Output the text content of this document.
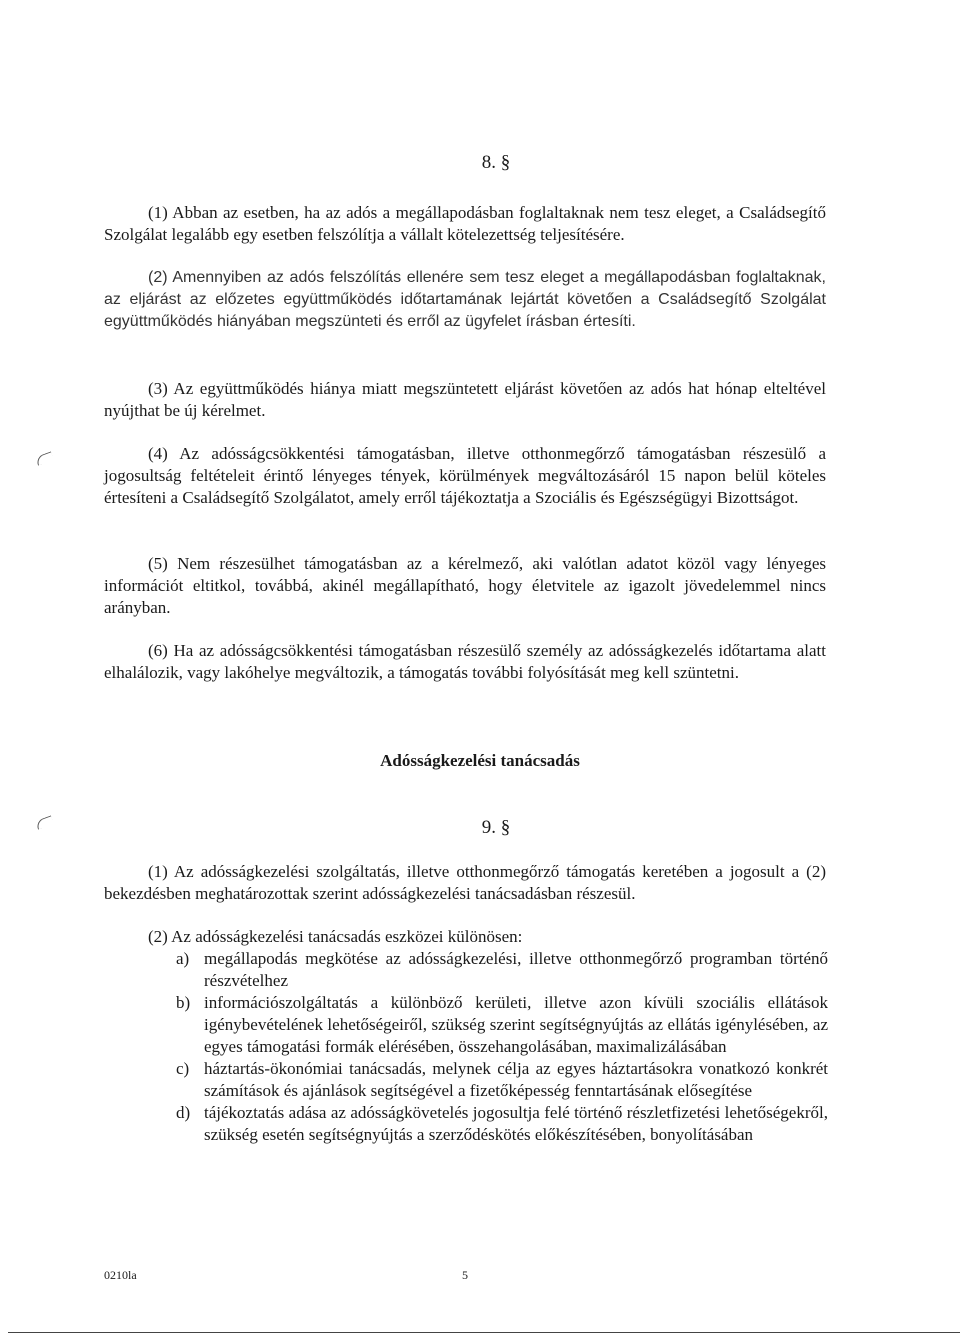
8. §
(1) Abban az esetben, ha az adós a megállapodásban foglaltaknak nem tesz eleget, a Családsegítő Szolgálat legalább egy esetben felszólítja a vállalt kötelezettség teljesítésére.
(2) Amennyiben az adós felszólítás ellenére sem tesz eleget a megállapodásban foglaltaknak, az eljárást az előzetes együttműködés időtartamának lejártát követően a Családsegítő Szolgálat együttműködés hiányában megszünteti és erről az ügyfelet írásban értesíti.
(3) Az együttműködés hiánya miatt megszüntetett eljárást követően az adós hat hónap elteltével nyújthat be új kérelmet.
(4) Az adósságcsökkentési támogatásban, illetve otthonmegőrző támogatásban részesülő a jogosultság feltételeit érintő lényeges tények, körülmények megváltozásáról 15 napon belül köteles értesíteni a Családsegítő Szolgálatot, amely erről tájékoztatja a Szociális és Egészségügyi Bizottságot.
(5) Nem részesülhet támogatásban az a kérelmező, aki valótlan adatot közöl vagy lényeges információt eltitkol, továbbá, akinél megállapítható, hogy életvitele az igazolt jövedelemmel nincs arányban.
(6) Ha az adósságcsökkentési támogatásban részesülő személy az adósságkezelés időtartama alatt elhalálozik, vagy lakóhelye megváltozik, a támogatás további folyósítását meg kell szüntetni.
Adósságkezelési tanácsadás
9. §
(1) Az adósságkezelési szolgáltatás, illetve otthonmegőrző támogatás keretében a jogosult a (2) bekezdésben meghatározottak szerint adósságkezelési tanácsadásban részesül.
(2) Az adósságkezelési tanácsadás eszközei különösen:
a) megállapodás megkötése az adósságkezelési, illetve otthonmegőrző programban történő részvételhez
b) információszolgáltatás a különböző kerületi, illetve azon kívüli szociális ellátások igénybevételének lehetőségeiről, szükség szerint segítségnyújtás az ellátás igénylésében, az egyes támogatási formák elérésében, összehangolásában, maximalizálásában
c) háztartás-ökonómiai tanácsadás, melynek célja az egyes háztartásokra vonatkozó konkrét számítások és ajánlások segítségével a fizetőképesség fenntartásának elősegítése
d) tájékoztatás adása az adósságkövetelés jogosultja felé történő részletfizetési lehetőségekről, szükség esetén segítségnyújtás a szerződéskötés előkészítésében, bonyolításában
0210la	5
